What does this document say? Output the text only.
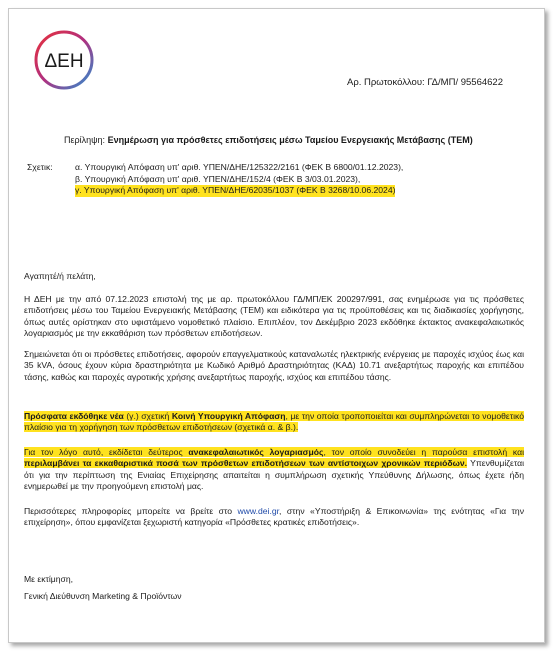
ΔΕΗ
Αρ. Πρωτοκόλλου: ΓΔ/ΜΠ/ 95564622
Περίληψη: Ενημέρωση για πρόσθετες επιδοτήσεις μέσω Ταμείου Ενεργειακής Μετάβασης (ΤΕΜ)
Σχετικ:	α. Υπουργική Απόφαση υπ' αριθ. ΥΠΕΝ/ΔΗΕ/125322/2161 (ΦΕΚ Β 6800/01.12.2023),
β. Υπουργική Απόφαση υπ' αριθ. ΥΠΕΝ/ΔΗΕ/152/4 (ΦΕΚ Β 3/03.01.2023),
γ. Υπουργική Απόφαση υπ' αριθ. ΥΠΕΝ/ΔΗΕ/62035/1037 (ΦΕΚ Β 3268/10.06.2024)
Αγαπητέ/ή πελάτη,
Η ΔΕΗ με την από 07.12.2023 επιστολή της με αρ. πρωτοκόλλου ΓΔ/ΜΠ/ΕΚ 200297/991, σας ενημέρωσε για τις πρόσθετες επιδοτήσεις μέσω του Ταμείου Ενεργειακής Μετάβασης (ΤΕΜ) και ειδικότερα για τις προϋποθέσεις και τις διαδικασίες χορήγησης, όπως αυτές ορίστηκαν στο υφιστάμενο νομοθετικό πλαίσιο. Επιπλέον, τον Δεκέμβριο 2023 εκδόθηκε έκτακτος ανακεφαλαιωτικός λογαριασμός με την εκκαθάριση των πρόσθετων επιδοτήσεων.
Σημειώνεται ότι οι πρόσθετες επιδοτήσεις, αφορούν επαγγελματικούς καταναλωτές ηλεκτρικής ενέργειας με παροχές ισχύος έως και 35 kVA, όσους έχουν κύρια δραστηριότητα με Κωδικό Αριθμό Δραστηριότητας (ΚΑΔ) 10.71 ανεξαρτήτως παροχής και επιπέδου τάσης, καθώς και παροχές αγροτικής χρήσης ανεξαρτήτως παροχής, ισχύος και επιπέδου τάσης.
Πρόσφατα εκδόθηκε νέα (γ.) σχετική Κοινή Υπουργική Απόφαση, με την οποία τροποποιείται και συμπληρώνεται το νομοθετικό πλαίσιο για τη χορήγηση των πρόσθετων επιδοτήσεων (σχετικά α. & β.).
Για τον λόγο αυτό, εκδίδεται δεύτερος ανακεφαλαιωτικός λογαριασμός, τον οποίο συνοδεύει η παρούσα επιστολή και περιλαμβάνει τα εκκαθαριστικά ποσά των πρόσθετων επιδοτήσεων των αντίστοιχων χρονικών περιόδων. Υπενθυμίζεται ότι για την περίπτωση της Ενιαίας Επιχείρησης απαιτείται η συμπλήρωση σχετικής Υπεύθυνης Δήλωσης, όπως έχετε ήδη ενημερωθεί με την προηγούμενη επιστολή μας.
Περισσότερες πληροφορίες μπορείτε να βρείτε στο www.dei.gr, στην «Υποστήριξη & Επικοινωνία» της ενότητας «Για την επιχείρηση», όπου εμφανίζεται ξεχωριστή κατηγορία «Πρόσθετες κρατικές επιδοτήσεις».
Με εκτίμηση,
Γενική Διεύθυνση Marketing & Προϊόντων
